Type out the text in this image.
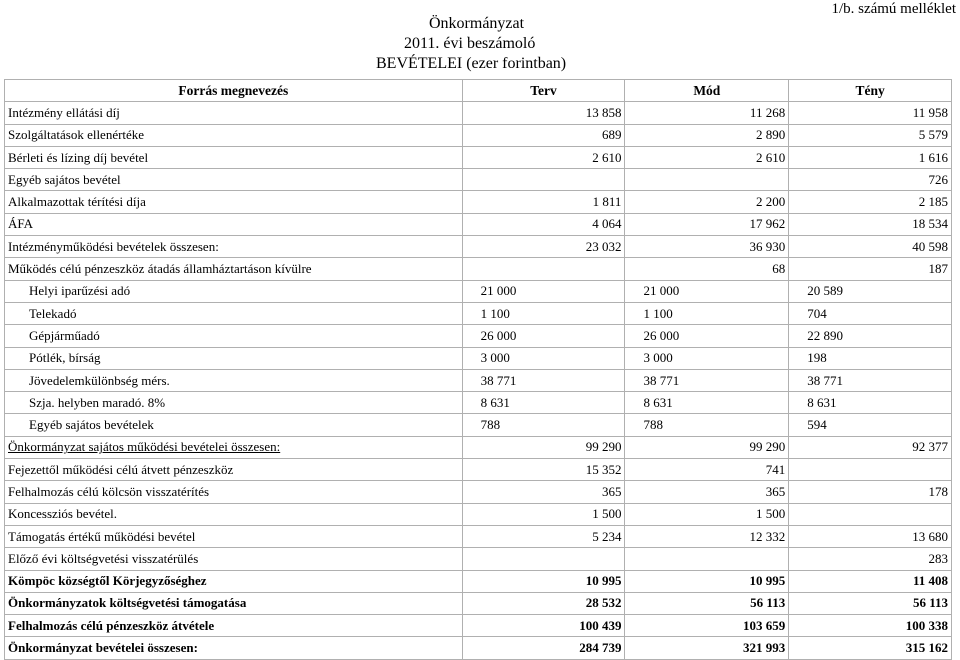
1/b. számú melléklet
Önkormányzat
2011. évi beszámoló
BEVÉTELEI (ezer forintban)
Forrás megnevezés	Terv	Mód	Tény
Intézmény ellátási díj	13 858	11 268	11 958
Szolgáltatások ellenértéke	689	2 890	5 579
Bérleti és lízing díj bevétel	2 610	2 610	1 616
Egyéb sajátos bevétel			726
Alkalmazottak térítési díja	1 811	2 200	2 185
ÁFA	4 064	17 962	18 534
Intézményműködési bevételek összesen:	23 032	36 930	40 598
Működés célú pénzeszköz átadás államháztartáson kívülre		68	187
Helyi iparűzési adó	21 000	21 000	20 589
Telekadó	1 100	1 100	704
Gépjárműadó	26 000	26 000	22 890
Pótlék, bírság	3 000	3 000	198
Jövedelemkülönbség mérs.	38 771	38 771	38 771
Szja. helyben maradó. 8%	8 631	8 631	8 631
Egyéb sajátos bevételek	788	788	594
Önkormányzat sajátos működési bevételei összesen:	99 290	99 290	92 377
Fejezettől működési célú átvett pénzeszköz	15 352	741	
Felhalmozás célú kölcsön visszatérítés	365	365	178
Koncessziós bevétel.	1 500	1 500	
Támogatás értékű működési bevétel	5 234	12 332	13 680
Előző évi költségvetési visszatérülés			283
Kömpöc községtől Körjegyzőséghez	10 995	10 995	11 408
Önkormányzatok költségvetési támogatása	28 532	56 113	56 113
Felhalmozás célú pénzeszköz átvétele	100 439	103 659	100 338
Önkormányzat bevételei összesen:	284 739	321 993	315 162
